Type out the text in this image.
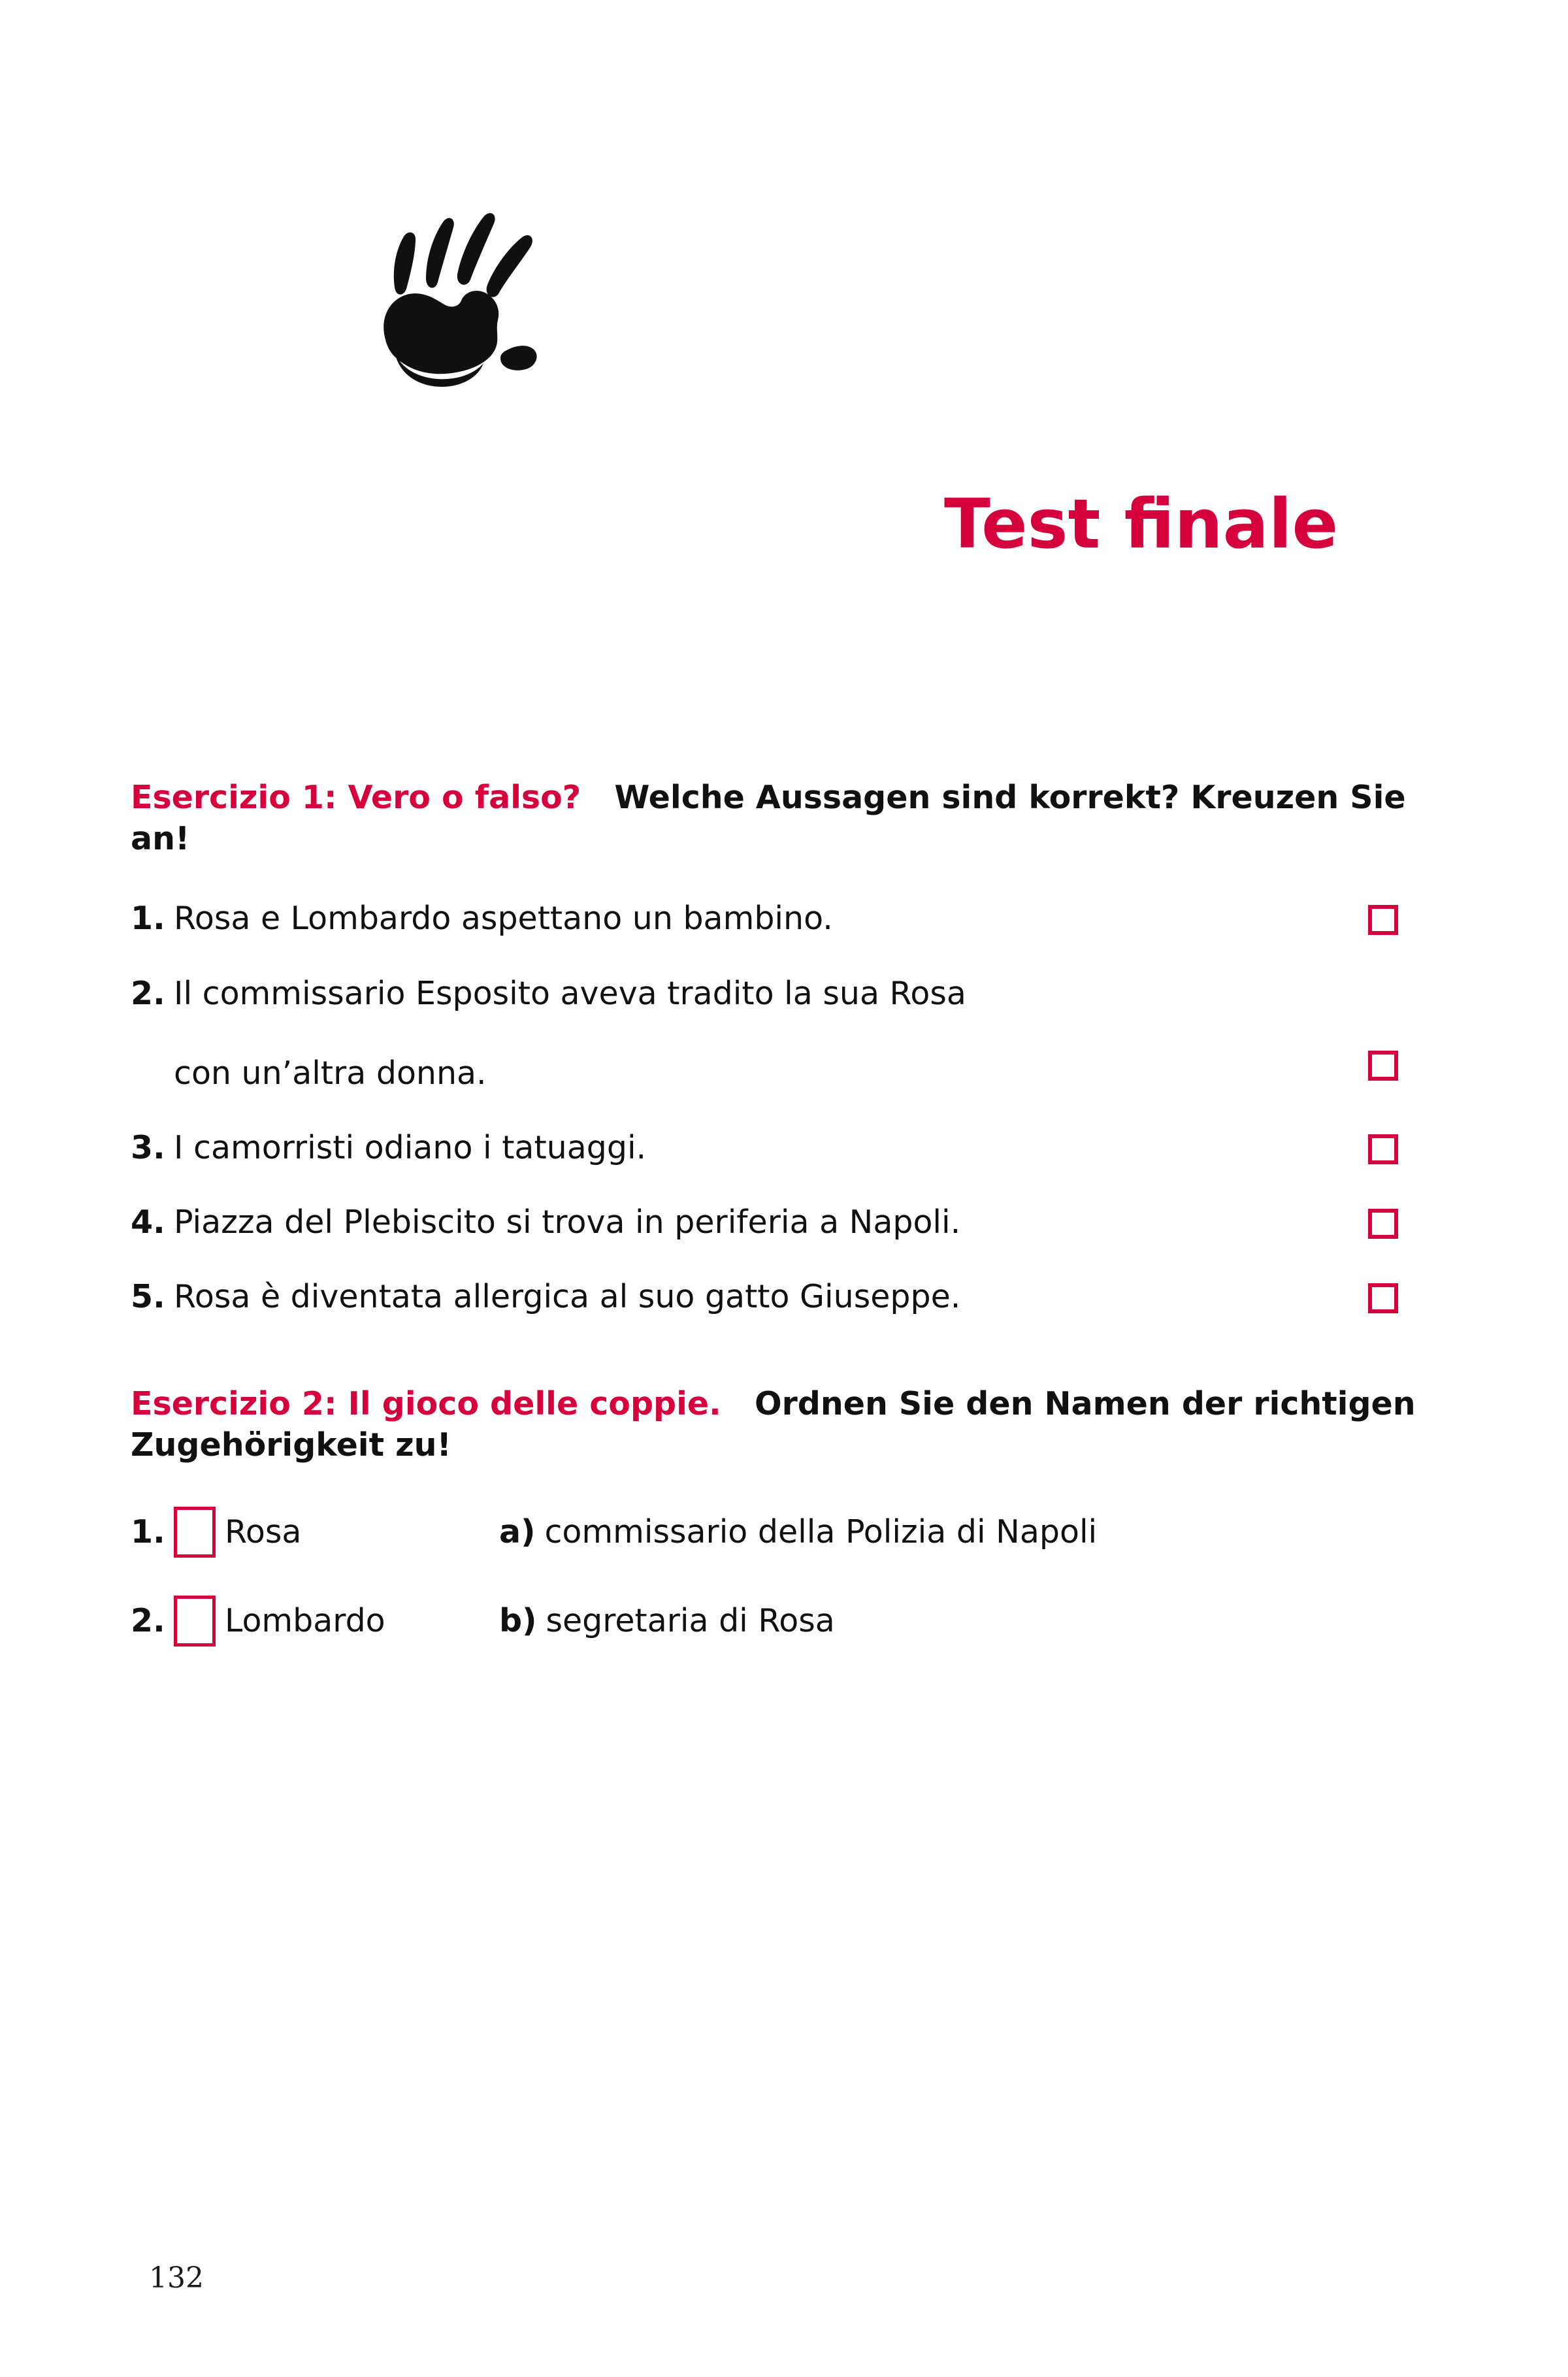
Test finale
Esercizio 1: Vero o falso? Welche Aussagen sind korrekt? Kreuzen Sie an!
1. Rosa e Lombardo aspettano un bambino.
2. Il commissario Esposito aveva tradito la sua Rosa
con un’altra donna.
3. I camorristi odiano i tatuaggi.
4. Piazza del Plebiscito si trova in periferia a Napoli.
5. Rosa è diventata allergica al suo gatto Giuseppe.
Esercizio 2: Il gioco delle coppie. Ordnen Sie den Namen der richtigen Zugehörigkeit zu!
1. Rosa	a) commissario della Polizia di Napoli
2. Lombardo	b) segretaria di Rosa
132
